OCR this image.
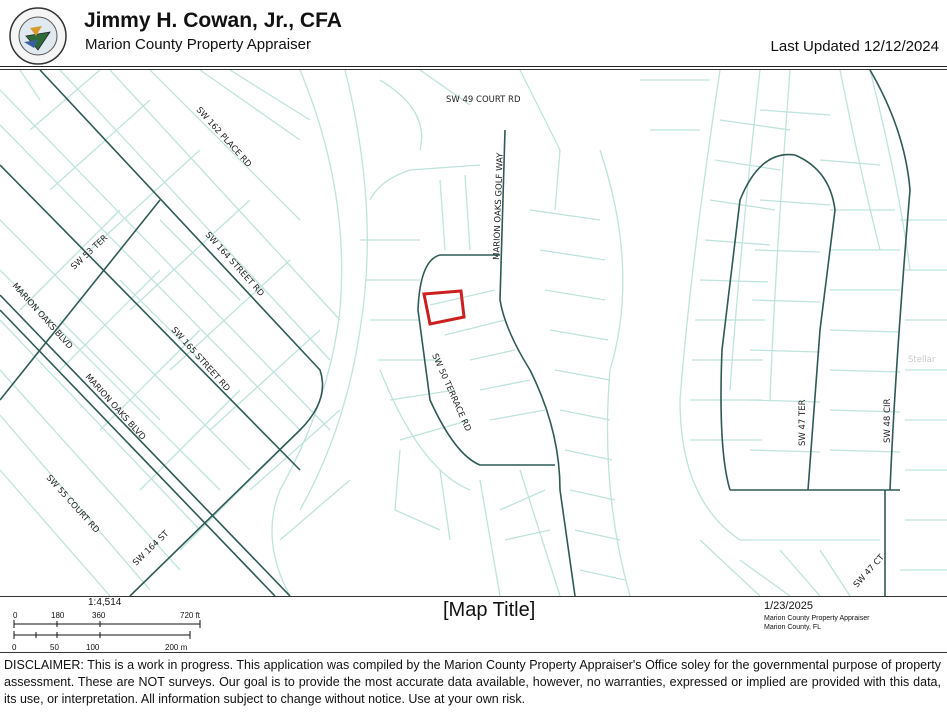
Jimmy H. Cowan, Jr., CFA
Marion County Property Appraiser	Last Updated 12/12/2024
SW 49 COURT RD
MARION OAKS GOLF WAY
SW 162 PLACE RD
SW 164 STREET RD
SW 53 TER
SW 165 STREET RD
MARION OAKS BLVD
MARION OAKS BLVD	SW 50 TERRACE RD
SW 55 COURT RD
SW 164 ST
SW 47 TER	SW 48 CIR
SW 47 CT
Stellar
1:4,514
0	180	360	720 ft
0	50	100	200 m
[Map Title]	1/23/2025
Marion County Property Appraiser
Marion County, FL
DISCLAIMER: This is a work in progress. This application was compiled by the Marion County Property Appraiser's Office soley for the governmental purpose of property assessment. These are NOT surveys. Our goal is to provide the most accurate data available, however, no warranties, expressed or implied are provided with this data, its use, or interpretation. All information subject to change without notice. Use at your own risk.
